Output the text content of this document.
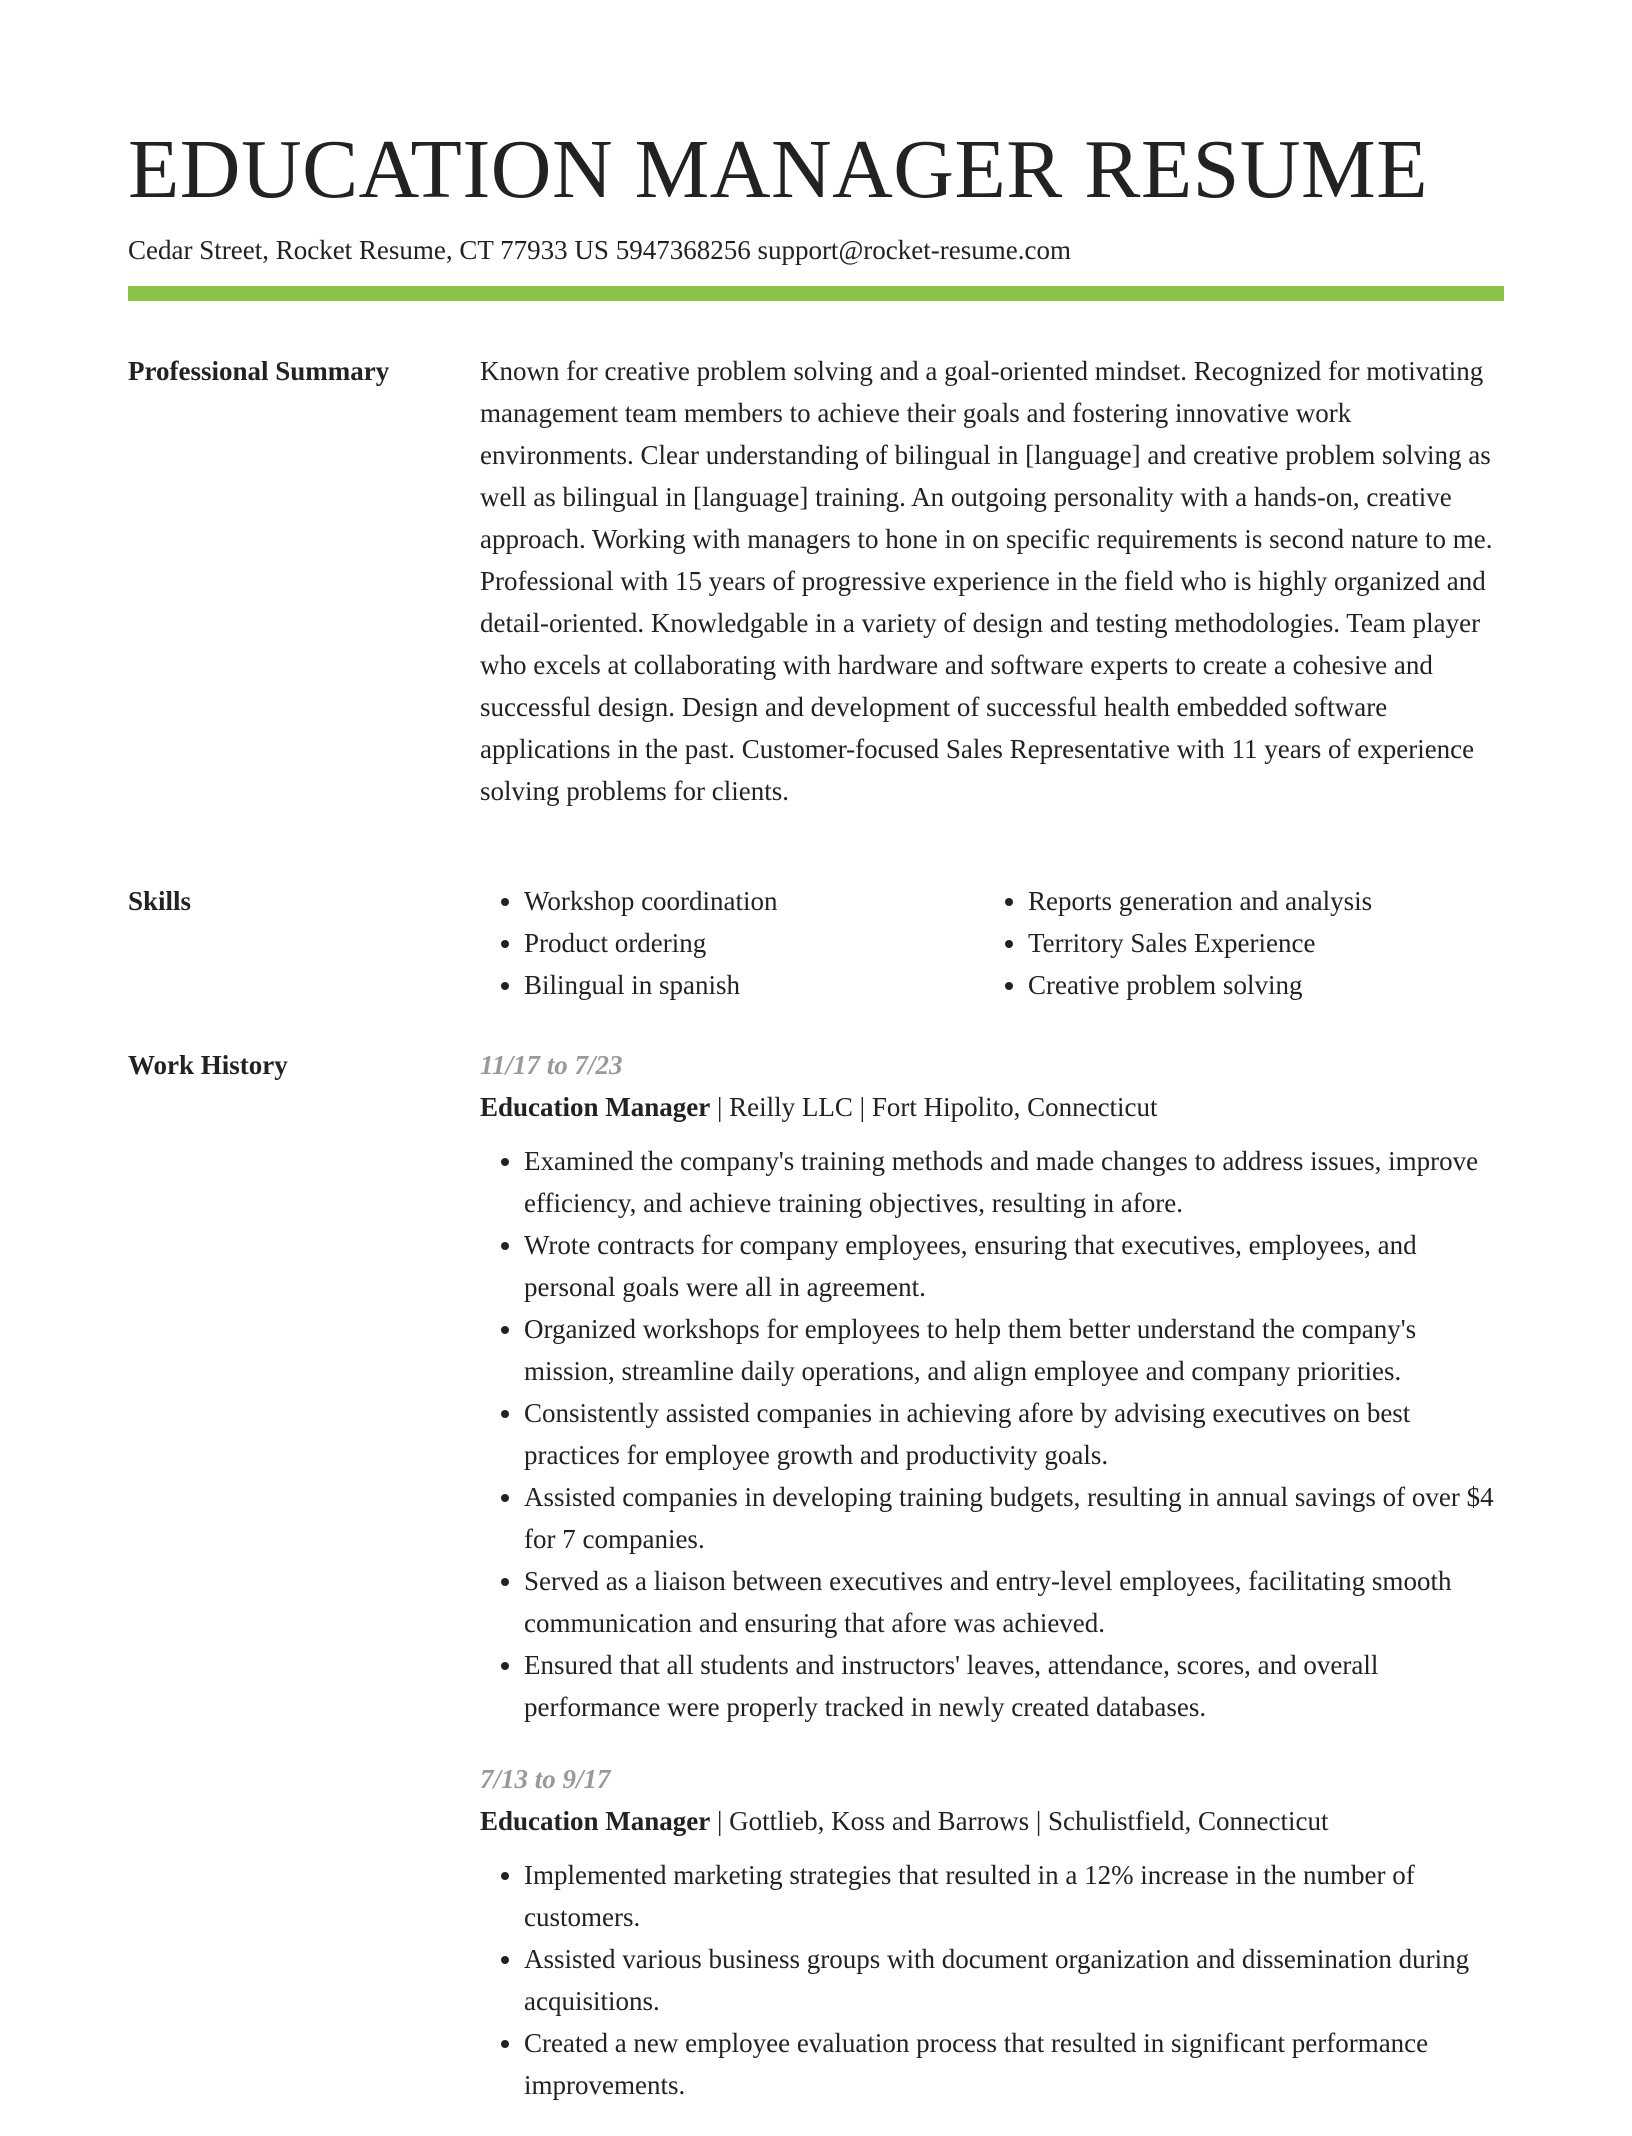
EDUCATION MANAGER RESUME
Cedar Street, Rocket Resume, CT 77933 US 5947368256 support@rocket-resume.com
Professional Summary	Known for creative problem solving and a goal-oriented mindset. Recognized for motivating management team members to achieve their goals and fostering innovative work environments. Clear understanding of bilingual in [language] and creative problem solving as well as bilingual in [language] training. An outgoing personality with a hands-on, creative approach. Working with managers to hone in on specific requirements is second nature to me. Professional with 15 years of progressive experience in the field who is highly organized and detail-oriented. Knowledgable in a variety of design and testing methodologies. Team player who excels at collaborating with hardware and software experts to create a cohesive and successful design. Design and development of successful health embedded software applications in the past. Customer-focused Sales Representative with 11 years of experience solving problems for clients.

Skills
•	Workshop coordination
• Product ordering
• Bilingual in spanish
• Reports generation and analysis
• Territory Sales Experience
• Creative problem solving
Work History	11/17 to 7/23
Education Manager | Reilly LLC | Fort Hipolito, Connecticut
• Examined the company's training methods and made changes to address issues, improve efficiency, and achieve training objectives, resulting in afore.
• Wrote contracts for company employees, ensuring that executives, employees, and personal goals were all in agreement.
• Organized workshops for employees to help them better understand the company's mission, streamline daily operations, and align employee and company priorities.
• Consistently assisted companies in achieving afore by advising executives on best practices for employee growth and productivity goals.
• Assisted companies in developing training budgets, resulting in annual savings of over $4 for 7 companies.
• Served as a liaison between executives and entry-level employees, facilitating smooth communication and ensuring that afore was achieved.
• Ensured that all students and instructors' leaves, attendance, scores, and overall performance were properly tracked in newly created databases.
7/13 to 9/17
Education Manager | Gottlieb, Koss and Barrows | Schulistfield, Connecticut
• Implemented marketing strategies that resulted in a 12% increase in the number of customers.
• Assisted various business groups with document organization and dissemination during acquisitions.
• Created a new employee evaluation process that resulted in significant performance improvements.
